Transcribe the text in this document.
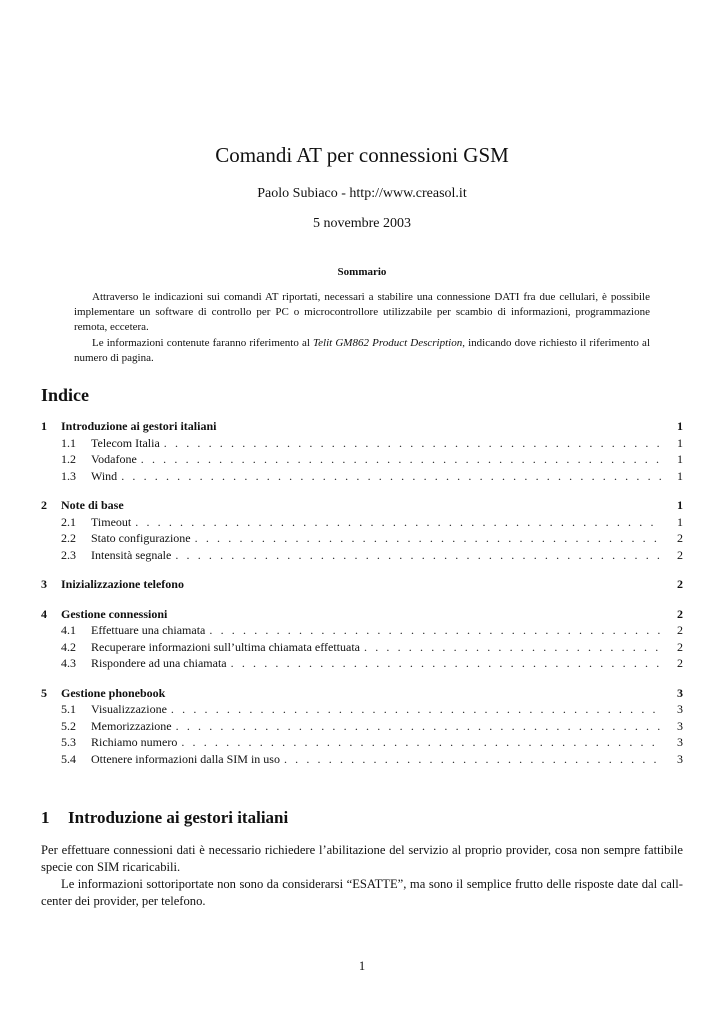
Comandi AT per connessioni GSM
Paolo Subiaco - http://www.creasol.it
5 novembre 2003
Sommario

Attraverso le indicazioni sui comandi AT riportati, necessari a stabilire una connessione DATI fra due cellulari, è possibile implementare un software di controllo per PC o microcontrollore utilizzabile per scambio di informazioni, programmazione remota, eccetera.

Le informazioni contenute faranno riferimento al Telit GM862 Product Description, indicando dove richiesto il riferimento al numero di pagina.

Indice
1	Introduzione ai gestori italiani	1
1.1	Telecom Italia . . .	1
1.2	Vodafone . . .	1
1.3	Wind . . .	1
2	Note di base	1
2.1	Timeout . . .	1
2.2	Stato configurazione . . .	2
2.3	Intensità segnale . . .	2
3	Inizializzazione telefono	2
4	Gestione connessioni	2
4.1	Effettuare una chiamata . . .	2
4.2	Recuperare informazioni sull’ultima chiamata effettuata . . .	2
4.3	Rispondere ad una chiamata . . .	2
5	Gestione phonebook	3
5.1	Visualizzazione . . .	3
5.2	Memorizzazione . . .	3
5.3	Richiamo numero . . .	3
5.4	Ottenere informazioni dalla SIM in uso . . .	3
1 Introduzione ai gestori italiani

Per effettuare connessioni dati è necessario richiedere l’abilitazione del servizio al proprio provider, cosa non sempre fattibile specie con SIM ricaricabili.

Le informazioni sottoriportate non sono da considerarsi “ESATTE”, ma sono il semplice frutto delle risposte date dal call-center dei provider, per telefono.

1
